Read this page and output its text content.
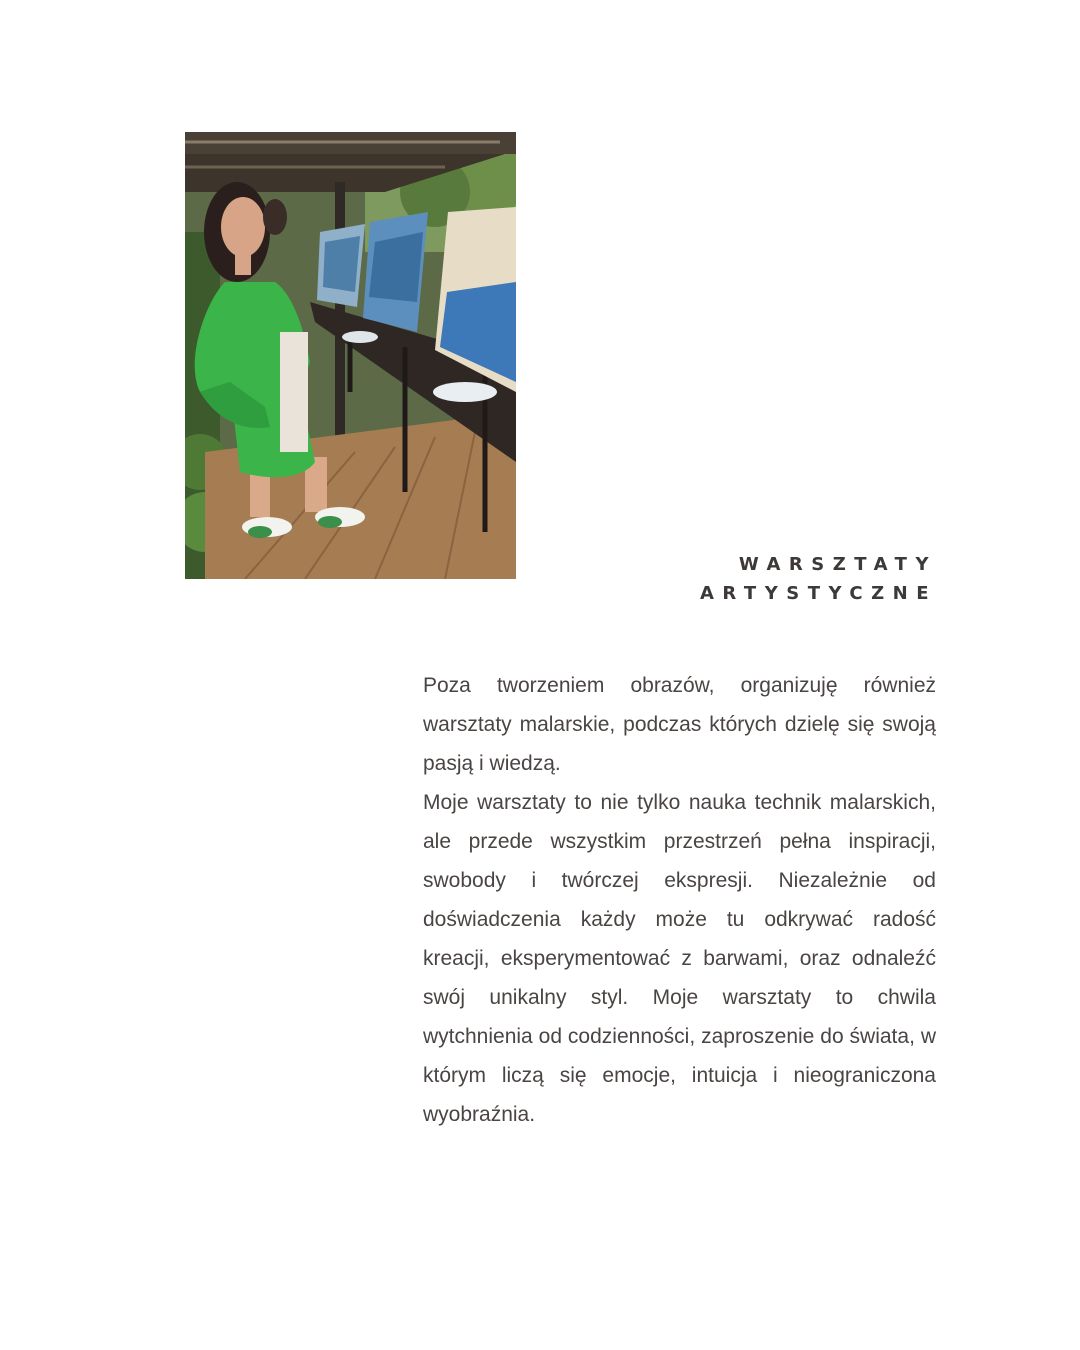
WARSZTATY
ARTYSTYCZNE

Poza tworzeniem obrazów, organizuję również warsztaty malarskie, podczas których dzielę się swoją pasją i wiedzą.

Moje warsztaty to nie tylko nauka technik malarskich, ale przede wszystkim przestrzeń pełna inspiracji, swobody i twórczej ekspresji. Niezależnie od doświadczenia każdy może tu odkrywać radość kreacji, eksperymentować z barwami, oraz odnaleźć swój unikalny styl. Moje warsztaty to chwila wytchnienia od codzienności, zaproszenie do świata, w którym liczą się emocje, intuicja i nieograniczona wyobraźnia.
